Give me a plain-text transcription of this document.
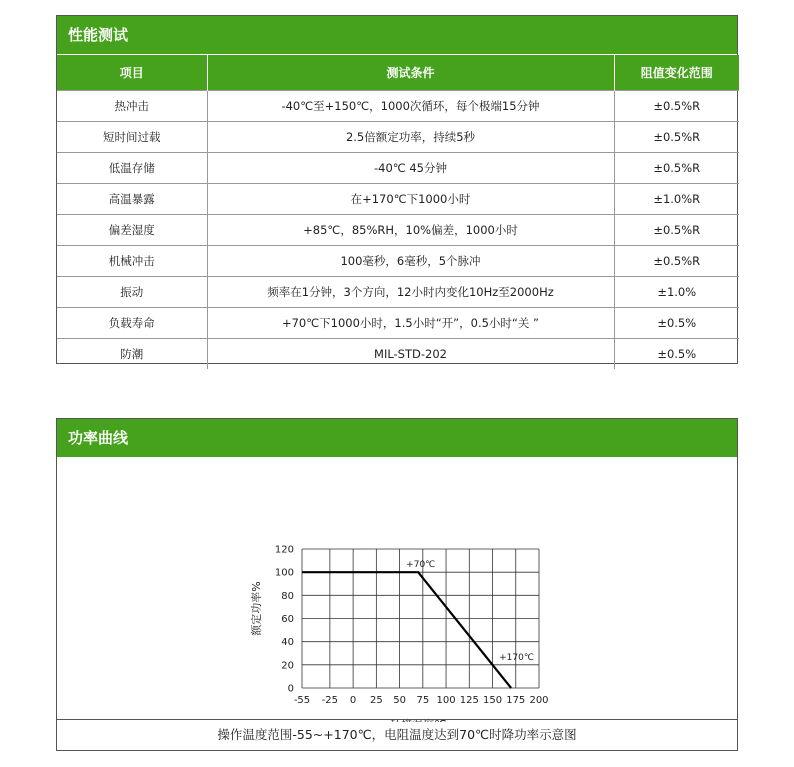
性能测试
项目	测试条件	阻值变化范围
热冲击	-40℃至+150℃，1000次循环，每个极端15分钟	±0.5%R
短时间过载	2.5倍额定功率，持续5秒	±0.5%R
低温存储	-40℃ 45分钟	±0.5%R
高温暴露	在+170℃下1000小时	±1.0%R
偏差湿度	+85℃，85%RH，10%偏差，1000小时	±0.5%R
机械冲击	100毫秒，6毫秒，5个脉冲	±0.5%R
振动	频率在1分钟，3个方向，12小时内变化10Hz至2000Hz	±1.0%
负载寿命	+70℃下1000小时，1.5小时“开”，0.5小时“关 ”	±0.5%
防潮	MIL-STD-202	±0.5%
功率曲线
-55 -25 0 25 50 75 100 125 150 175 200
0
20
40
60
80
100
120
+70℃
+170℃
额定功率%
操作温度范围-55~+170℃，电阻温度达到70℃时降功率示意图
